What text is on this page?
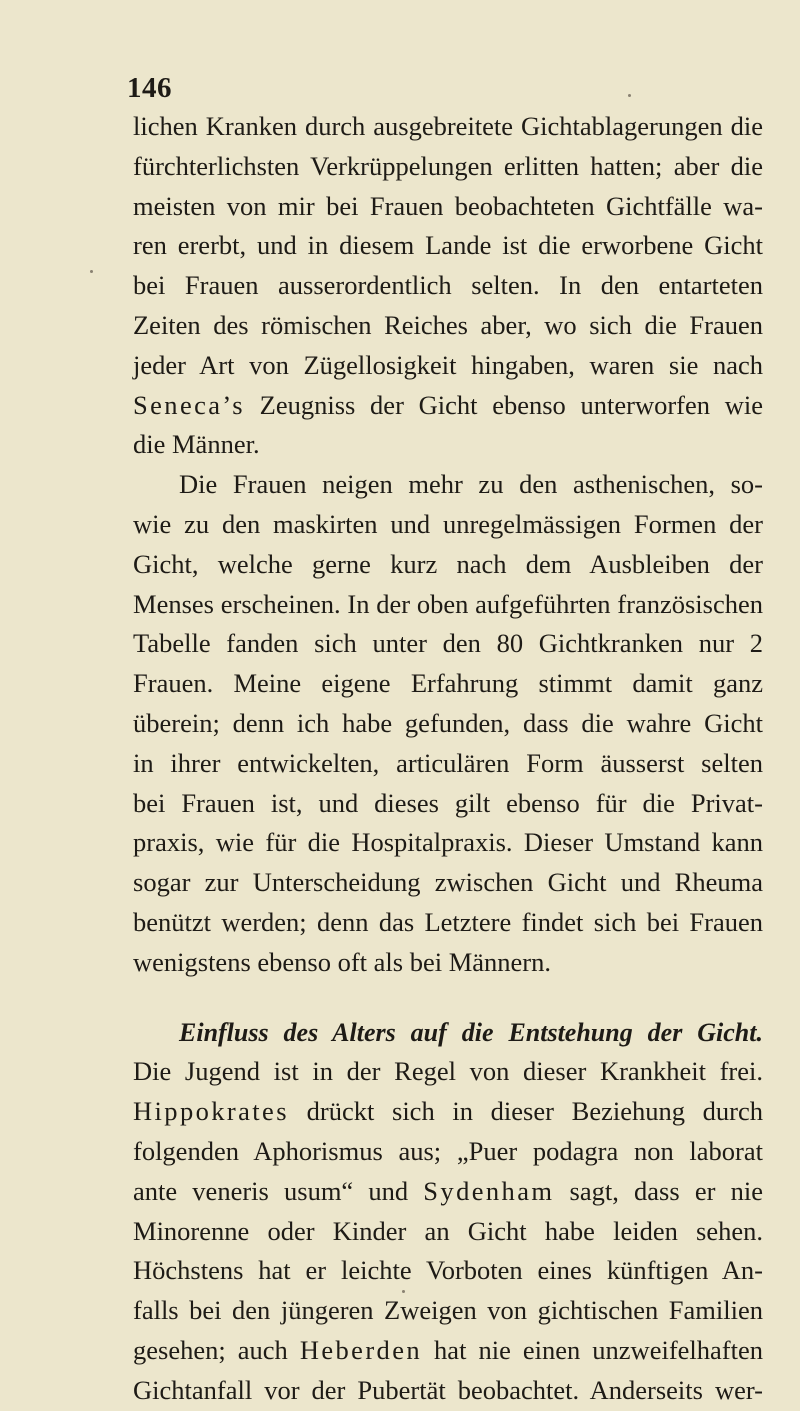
146
lichen Kranken durch ausgebreitete Gichtablagerungen die
fürchterlichsten Verkrüppelungen erlitten hatten; aber die
meisten von mir bei Frauen beobachteten Gichtfälle wa-
ren ererbt, und in diesem Lande ist die erworbene Gicht
bei Frauen ausserordentlich selten. In den entarteten
Zeiten des römischen Reiches aber, wo sich die Frauen
jeder Art von Zügellosigkeit hingaben, waren sie nach
Seneca’s Zeugniss der Gicht ebenso unterworfen wie
die Männer.
Die Frauen neigen mehr zu den asthenischen, so-
wie zu den maskirten und unregelmässigen Formen der
Gicht, welche gerne kurz nach dem Ausbleiben der
Menses erscheinen. In der oben aufgeführten französischen
Tabelle fanden sich unter den 80 Gichtkranken nur 2
Frauen. Meine eigene Erfahrung stimmt damit ganz
überein; denn ich habe gefunden, dass die wahre Gicht
in ihrer entwickelten, articulären Form äusserst selten
bei Frauen ist, und dieses gilt ebenso für die Privat-
praxis, wie für die Hospitalpraxis. Dieser Umstand kann
sogar zur Unterscheidung zwischen Gicht und Rheuma
benützt werden; denn das Letztere findet sich bei Frauen
wenigstens ebenso oft als bei Männern.
Einfluss des Alters auf die Entstehung der Gicht.
Die Jugend ist in der Regel von dieser Krankheit frei.
Hippokrates drückt sich in dieser Beziehung durch
folgenden Aphorismus aus; „Puer podagra non laborat
ante veneris usum“ und Sydenham sagt, dass er nie
Minorenne oder Kinder an Gicht habe leiden sehen.
Höchstens hat er leichte Vorboten eines künftigen An-
falls bei den jüngeren Zweigen von gichtischen Familien
gesehen; auch Heberden hat nie einen unzweifelhaften
Gichtanfall vor der Pubertät beobachtet. Anderseits wer-
